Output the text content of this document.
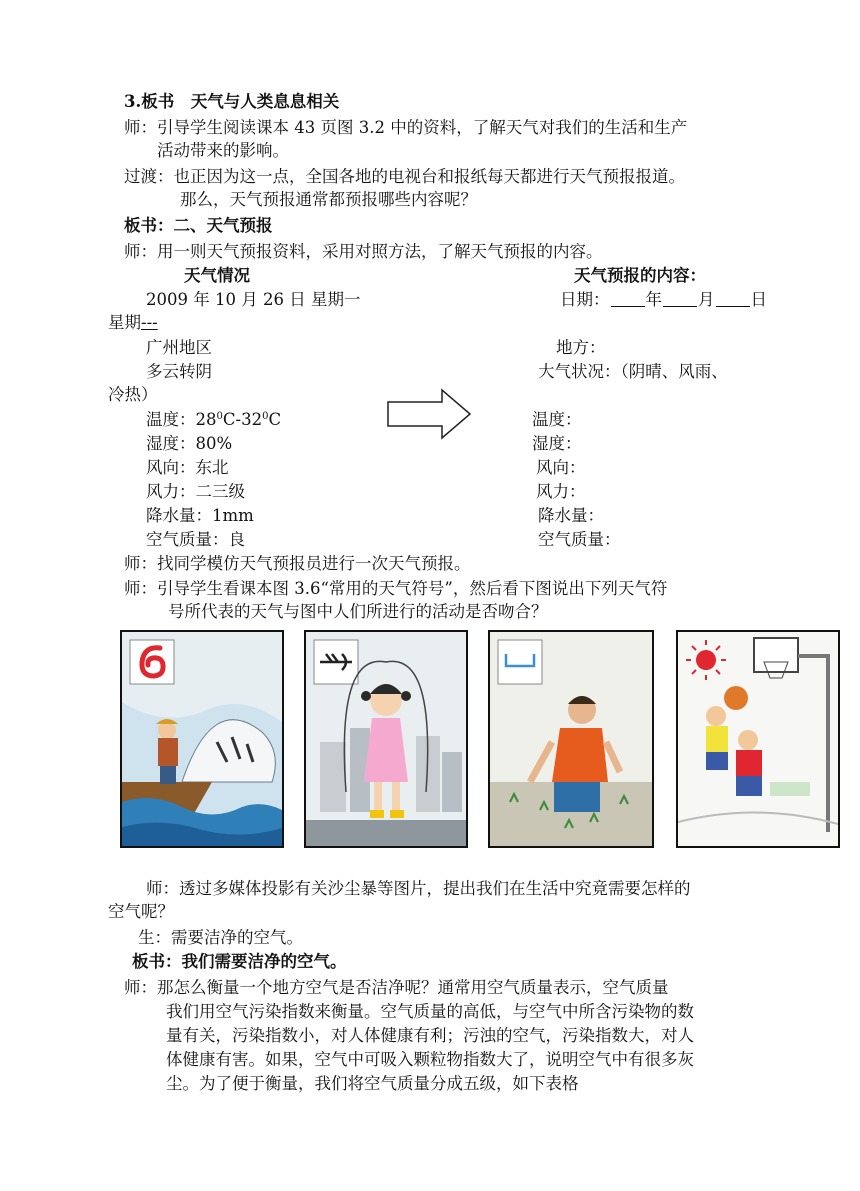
3.板书　天气与人类息息相关
师：引导学生阅读课本 43 页图 3.2 中的资料，了解天气对我们的生活和生产
活动带来的影响。
过渡：也正因为这一点，全国各地的电视台和报纸每天都进行天气预报报道。
那么，天气预报通常都预报哪些内容呢？
板书：二、天气预报
师：用一则天气预报资料，采用对照方法，了解天气预报的内容。
天气情况	天气预报的内容：
2009 年 10 月 26 日 星期一	日期： 年 月 日
星期---
广州地区	地方：
多云转阴	大气状况：（阴晴、风雨、
冷热）
温度：$28^0C-32^0C$	温度：
湿度：80%	湿度：
风向：东北	风向：
风力：二三级	风力：
降水量：1mm	降水量：
空气质量：良	空气质量：
师：找同学模仿天气预报员进行一次天气预报。
师：引导学生看课本图 3.6“常用的天气符号”，然后看下图说出下列天气符
号所代表的天气与图中人们所进行的活动是否吻合？
师：透过多媒体投影有关沙尘暴等图片，提出我们在生活中究竟需要怎样的
空气呢？
生：需要洁净的空气。
板书：我们需要洁净的空气。
师：那怎么衡量一个地方空气是否洁净呢？通常用空气质量表示，空气质量
我们用空气污染指数来衡量。空气质量的高低，与空气中所含污染物的数
量有关，污染指数小，对人体健康有利；污浊的空气，污染指数大，对人
体健康有害。如果，空气中可吸入颗粒物指数大了，说明空气中有很多灰
尘。为了便于衡量，我们将空气质量分成五级，如下表格
